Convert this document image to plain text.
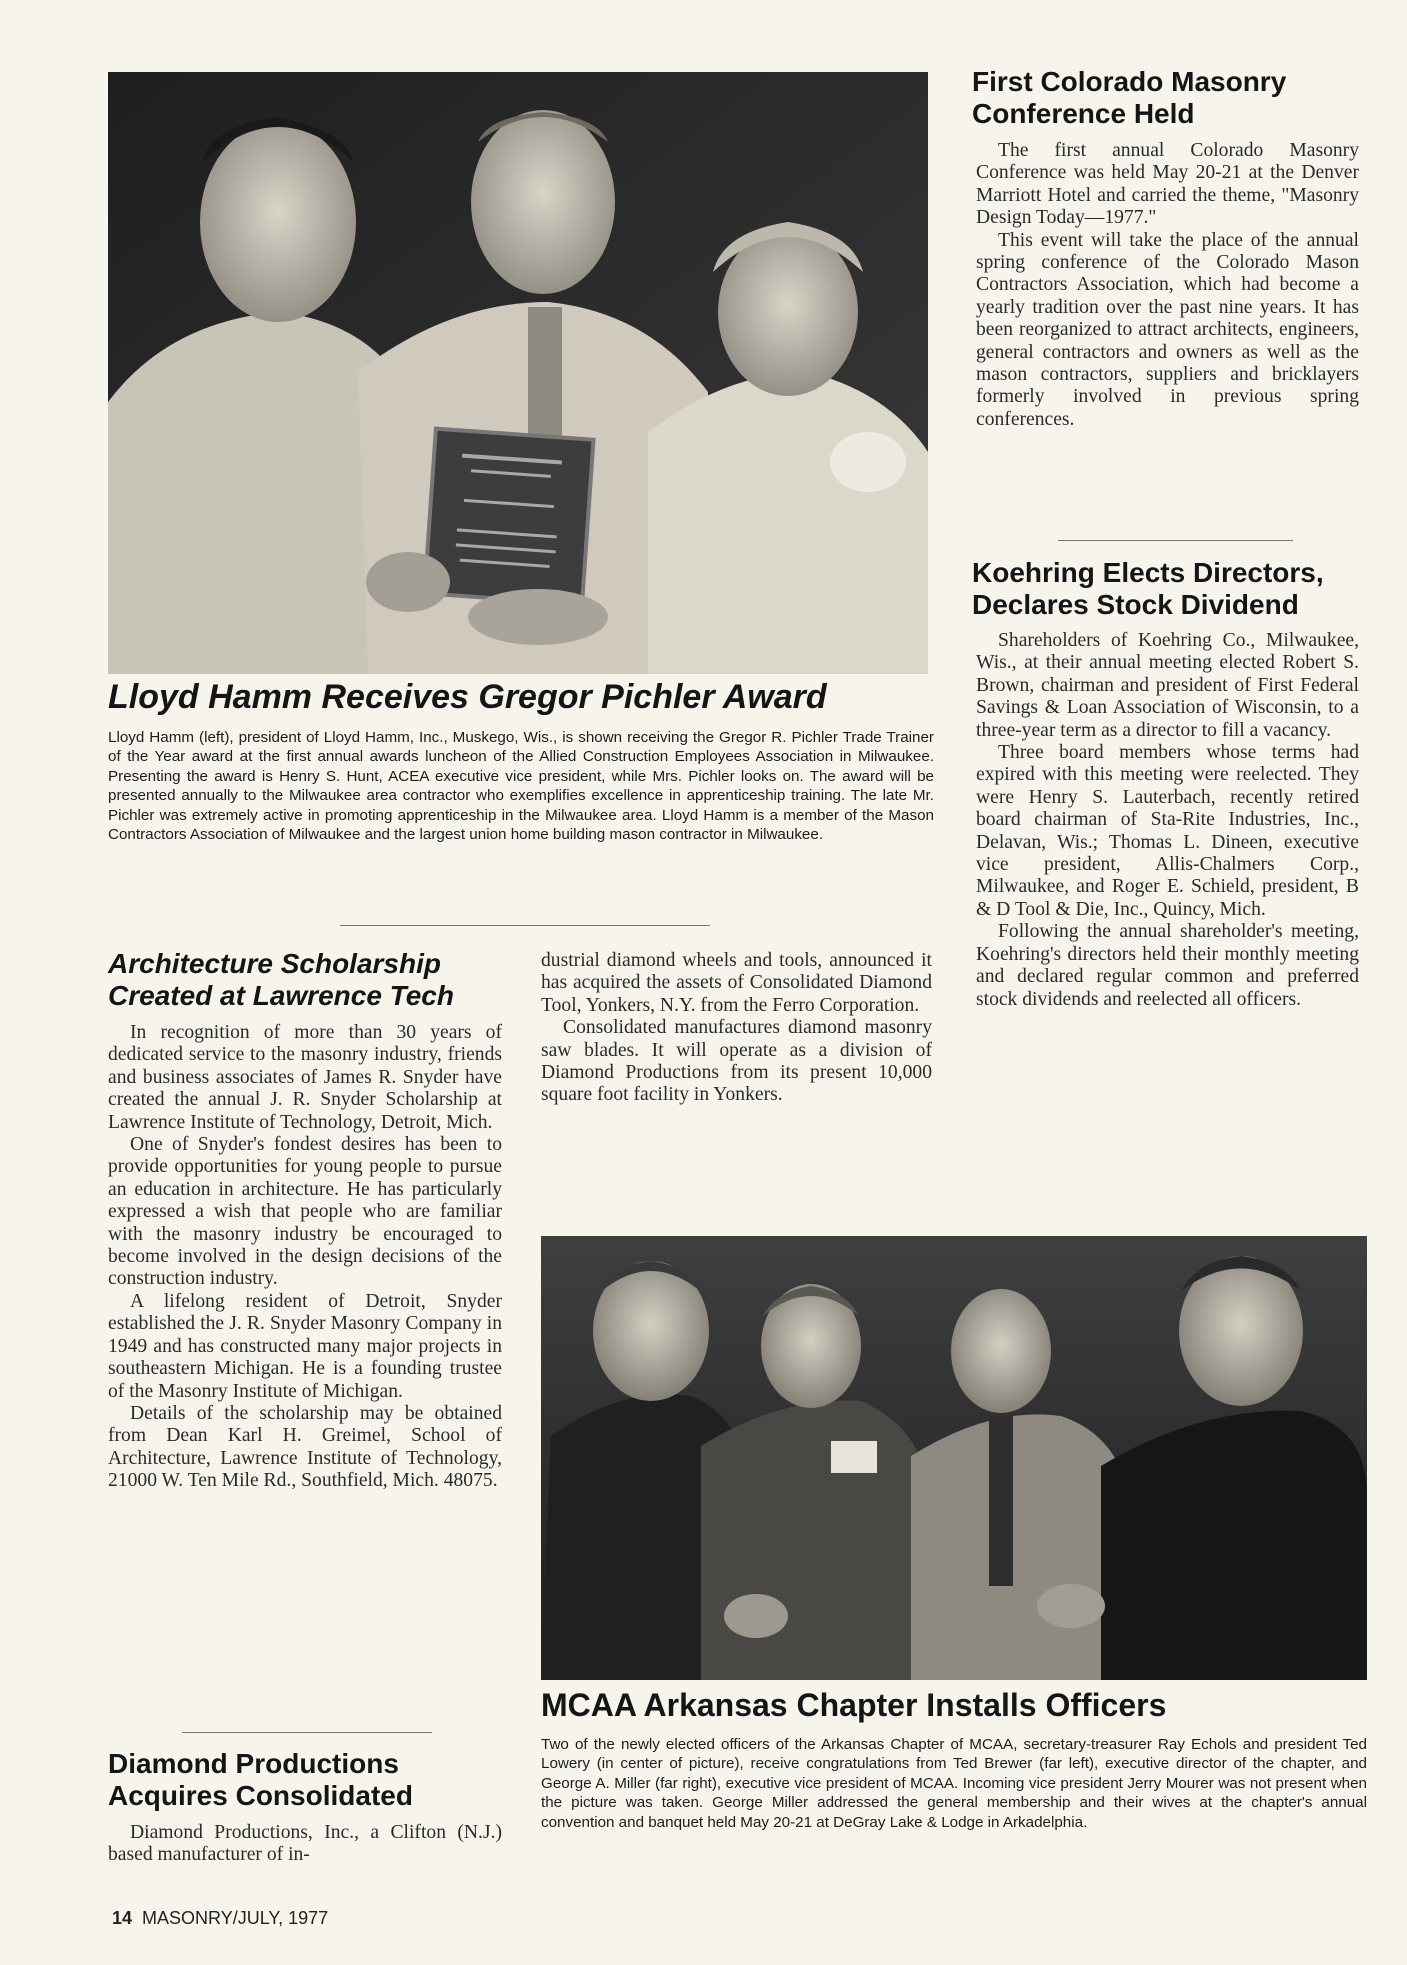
Lloyd Hamm Receives Gregor Pichler Award
Lloyd Hamm (left), president of Lloyd Hamm, Inc., Muskego, Wis., is shown receiving the Gregor R. Pichler Trade Trainer of the Year award at the first annual awards luncheon of the Allied Construction Employees Association in Milwaukee. Presenting the award is Henry S. Hunt, ACEA executive vice president, while Mrs. Pichler looks on. The award will be presented annually to the Milwaukee area contractor who exemplifies excellence in apprenticeship training. The late Mr. Pichler was extremely active in promoting apprenticeship in the Milwaukee area. Lloyd Hamm is a member of the Mason Contractors Association of Milwaukee and the largest union home building mason contractor in Milwaukee.
First Colorado Masonry Conference Held

The first annual Colorado Masonry Conference was held May 20-21 at the Denver Marriott Hotel and carried the theme, "Masonry Design Today—1977."

This event will take the place of the annual spring conference of the Colorado Mason Contractors Association, which had become a yearly tradition over the past nine years. It has been reorganized to attract architects, engineers, general contractors and owners as well as the mason contractors, suppliers and bricklayers formerly involved in previous spring conferences.

Koehring Elects Directors, Declares Stock Dividend

Shareholders of Koehring Co., Milwaukee, Wis., at their annual meeting elected Robert S. Brown, chairman and president of First Federal Savings & Loan Association of Wisconsin, to a three-year term as a director to fill a vacancy.

Three board members whose terms had expired with this meeting were reelected. They were Henry S. Lauterbach, recently retired board chairman of Sta-Rite Industries, Inc., Delavan, Wis.; Thomas L. Dineen, executive vice president, Allis-Chalmers Corp., Milwaukee, and Roger E. Schield, president, B & D Tool & Die, Inc., Quincy, Mich.

Following the annual shareholder's meeting, Koehring's directors held their monthly meeting and declared regular common and preferred stock dividends and reelected all officers.

Architecture Scholarship Created at Lawrence Tech

In recognition of more than 30 years of dedicated service to the masonry industry, friends and business associates of James R. Snyder have created the annual J. R. Snyder Scholarship at Lawrence Institute of Technology, Detroit, Mich.

One of Snyder's fondest desires has been to provide opportunities for young people to pursue an education in architecture. He has particularly expressed a wish that people who are familiar with the masonry industry be encouraged to become involved in the design decisions of the construction industry.

A lifelong resident of Detroit, Snyder established the J. R. Snyder Masonry Company in 1949 and has constructed many major projects in southeastern Michigan. He is a founding trustee of the Masonry Institute of Michigan.

Details of the scholarship may be obtained from Dean Karl H. Greimel, School of Architecture, Lawrence Institute of Technology, 21000 W. Ten Mile Rd., Southfield, Mich. 48075.

Diamond Productions Acquires Consolidated

Diamond Productions, Inc., a Clifton (N.J.) based manufacturer of in-

dustrial diamond wheels and tools, announced it has acquired the assets of Consolidated Diamond Tool, Yonkers, N.Y. from the Ferro Corporation.

Consolidated manufactures diamond masonry saw blades. It will operate as a division of Diamond Productions from its present 10,000 square foot facility in Yonkers.

MCAA Arkansas Chapter Installs Officers
Two of the newly elected officers of the Arkansas Chapter of MCAA, secretary-treasurer Ray Echols and president Ted Lowery (in center of picture), receive congratulations from Ted Brewer (far left), executive director of the chapter, and George A. Miller (far right), executive vice president of MCAA. Incoming vice president Jerry Mourer was not present when the picture was taken. George Miller addressed the general membership and their wives at the chapter's annual convention and banquet held May 20-21 at DeGray Lake & Lodge in Arkadelphia.
14 MASONRY/JULY, 1977
